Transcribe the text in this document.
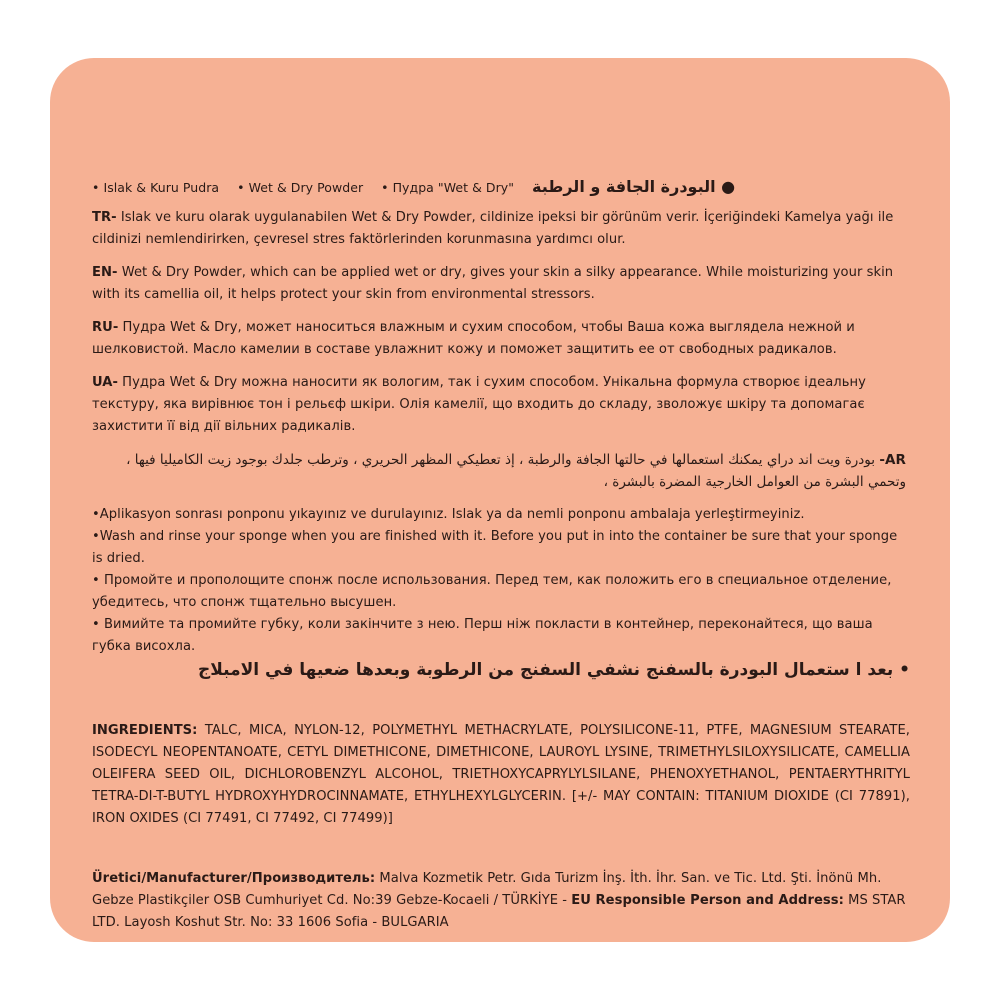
• Islak & Kuru Pudra • Wet & Dry Powder • Пудра "Wet & Dry"	● البودرة الجافة و الرطبة

TR- Islak ve kuru olarak uygulanabilen Wet & Dry Powder, cildinize ipeksi bir görünüm verir. İçeriğindeki Kamelya yağı ile cildinizi nemlendirirken, çevresel stres faktörlerinden korunmasına yardımcı olur.

EN- Wet & Dry Powder, which can be applied wet or dry, gives your skin a silky appearance. While moisturizing your skin with its camellia oil, it helps protect your skin from environmental stressors.

RU- Пудра Wet & Dry, может наноситься влажным и сухим способом, чтобы Ваша кожа выглядела нежной и шелковистой. Масло камелии в составе увлажнит кожу и поможет защитить ее от свободных радикалов.

UA- Пудра Wet & Dry можна наносити як вологим, так і сухим способом. Унікальна формула створює ідеальну текстуру, яка вирівнює тон і рельєф шкіри. Олія камелії, що входить до складу, зволожує шкіру та допомагає захистити її від дії вільних радикалів.

AR- بودرة ويت اند دراي يمكنك استعمالها في حالتها الجافة والرطبة ، إذ تعطيكي المظهر الحريري ، وترطب جلدك بوجود زيت الكاميليا فيها ، وتحمي البشرة من العوامل الخارجية المضرة بالبشرة ،

•Aplikasyon sonrası ponponu yıkayınız ve durulayınız. Islak ya da nemli ponponu ambalaja yerleştirmeyiniz.

•Wash and rinse your sponge when you are finished with it. Before you put in into the container be sure that your sponge is dried.

• Промойте и прополощите спонж после использования. Перед тем, как положить его в специальное отделение, убедитесь, что спонж тщательно высушен.

• Вимийте та промийте губку, коли закінчите з нею. Перш ніж покласти в контейнер, переконайтеся, що ваша губка висохла.

• بعد ا ستعمال البودرة بالسفنج نشفي السفنج من الرطوبة وبعدها ضعيها في الامبلاج

INGREDIENTS: TALC, MICA, NYLON-12, POLYMETHYL METHACRYLATE, POLYSILICONE-11, PTFE, MAGNESIUM STEARATE, ISODECYL NEOPENTANOATE, CETYL DIMETHICONE, DIMETHICONE, LAUROYL LYSINE, TRIMETHYLSILOXYSILICATE, CAMELLIA OLEIFERA SEED OIL, DICHLOROBENZYL ALCOHOL, TRIETHOXYCAPRYLYLSILANE, PHENOXYETHANOL, PENTAERYTHRITYL TETRA-DI-T-BUTYL HYDROXYHYDROCINNAMATE, ETHYLHEXYLGLYCERIN. [+/- MAY CONTAIN: TITANIUM DIOXIDE (CI 77891), IRON OXIDES (CI 77491, CI 77492, CI 77499)]

Üretici/Manufacturer/Производитель: Malva Kozmetik Petr. Gıda Turizm İnş. İth. İhr. San. ve Tic. Ltd. Şti. İnönü Mh. Gebze Plastikçiler OSB Cumhuriyet Cd. No:39 Gebze-Kocaeli / TÜRKİYE - EU Responsible Person and Address: MS STAR LTD. Layosh Koshut Str. No: 33 1606 Sofia - BULGARIA
